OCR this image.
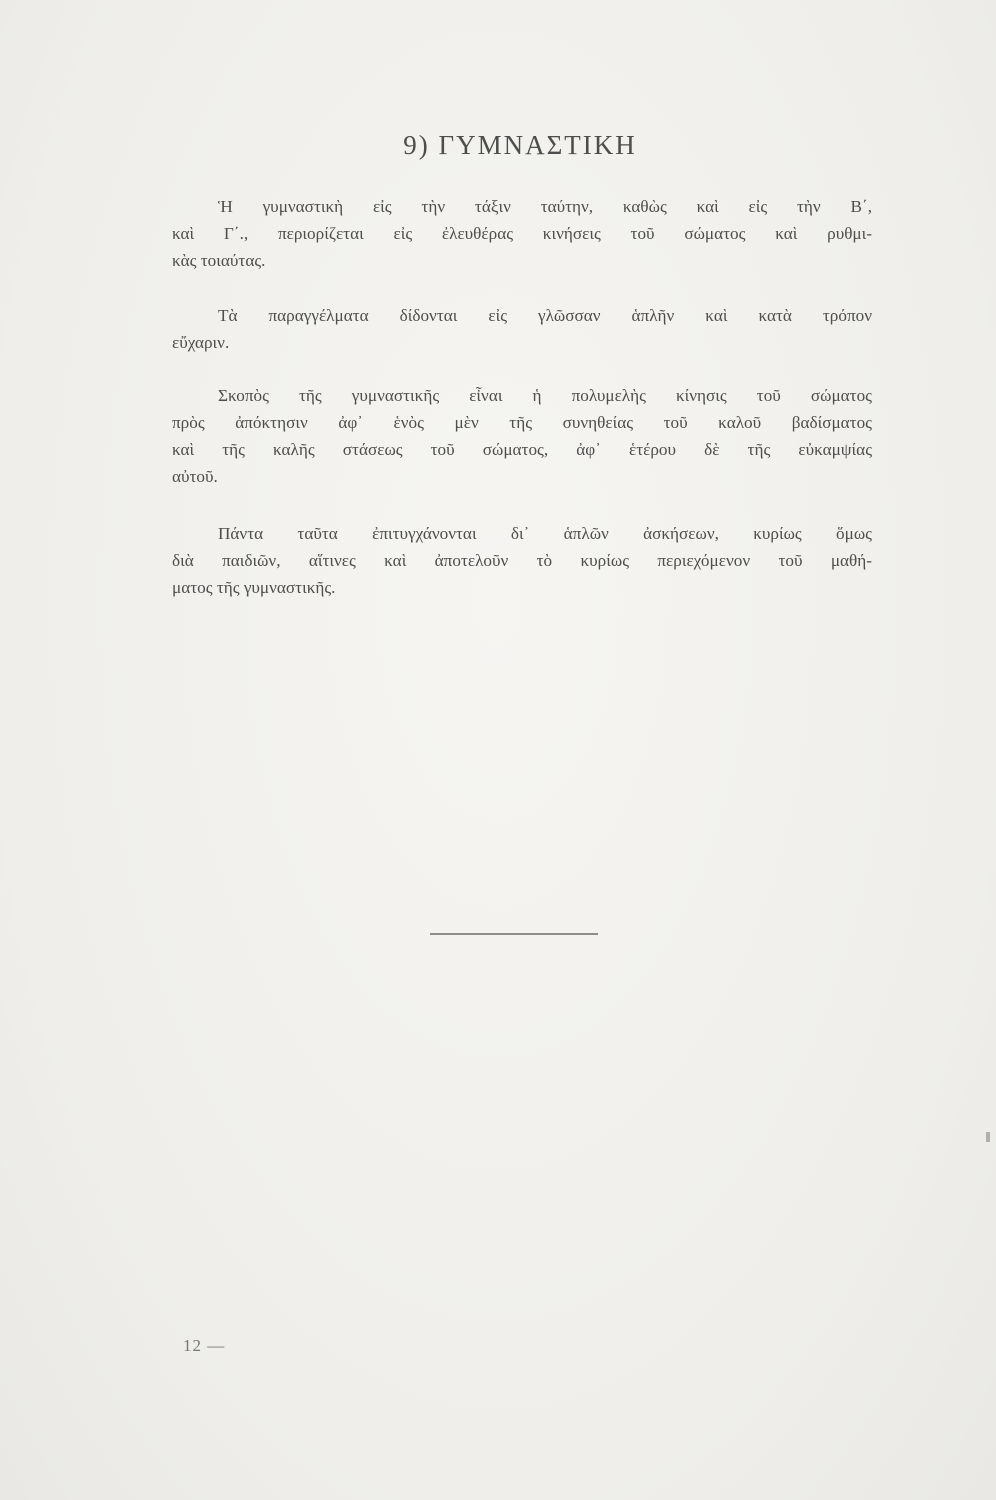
9) ΓΥΜΝΑΣΤΙΚΗ
Ἡ γυμναστικὴ εἰς τὴν τάξιν ταύτην, καθὼς καὶ εἰς τὴν Β΄,
καὶ Γ΄., περιορίζεται εἰς ἐλευθέρας κινήσεις τοῦ σώματος καὶ ρυθμι-
κὰς τοιαύτας.
Τὰ παραγγέλματα δίδονται εἰς γλῶσσαν ἁπλῆν καὶ κατὰ τρόπον
εὔχαριν.
Σκοπὸς τῆς γυμναστικῆς εἶναι ἡ πολυμελὴς κίνησις τοῦ σώματος
πρὸς ἀπόκτησιν ἀφ᾽ ἑνὸς μὲν τῆς συνηθείας τοῦ καλοῦ βαδίσματος
καὶ τῆς καλῆς στάσεως τοῦ σώματος, ἀφ᾽ ἑτέρου δὲ τῆς εὐκαμψίας
αὐτοῦ.
Πάντα ταῦτα ἐπιτυγχάνονται δι᾽ ἁπλῶν ἀσκήσεων, κυρίως ὅμως
διὰ παιδιῶν, αἵτινες καὶ ἀποτελοῦν τὸ κυρίως περιεχόμενον τοῦ μαθή-
ματος τῆς γυμναστικῆς.
12 —
